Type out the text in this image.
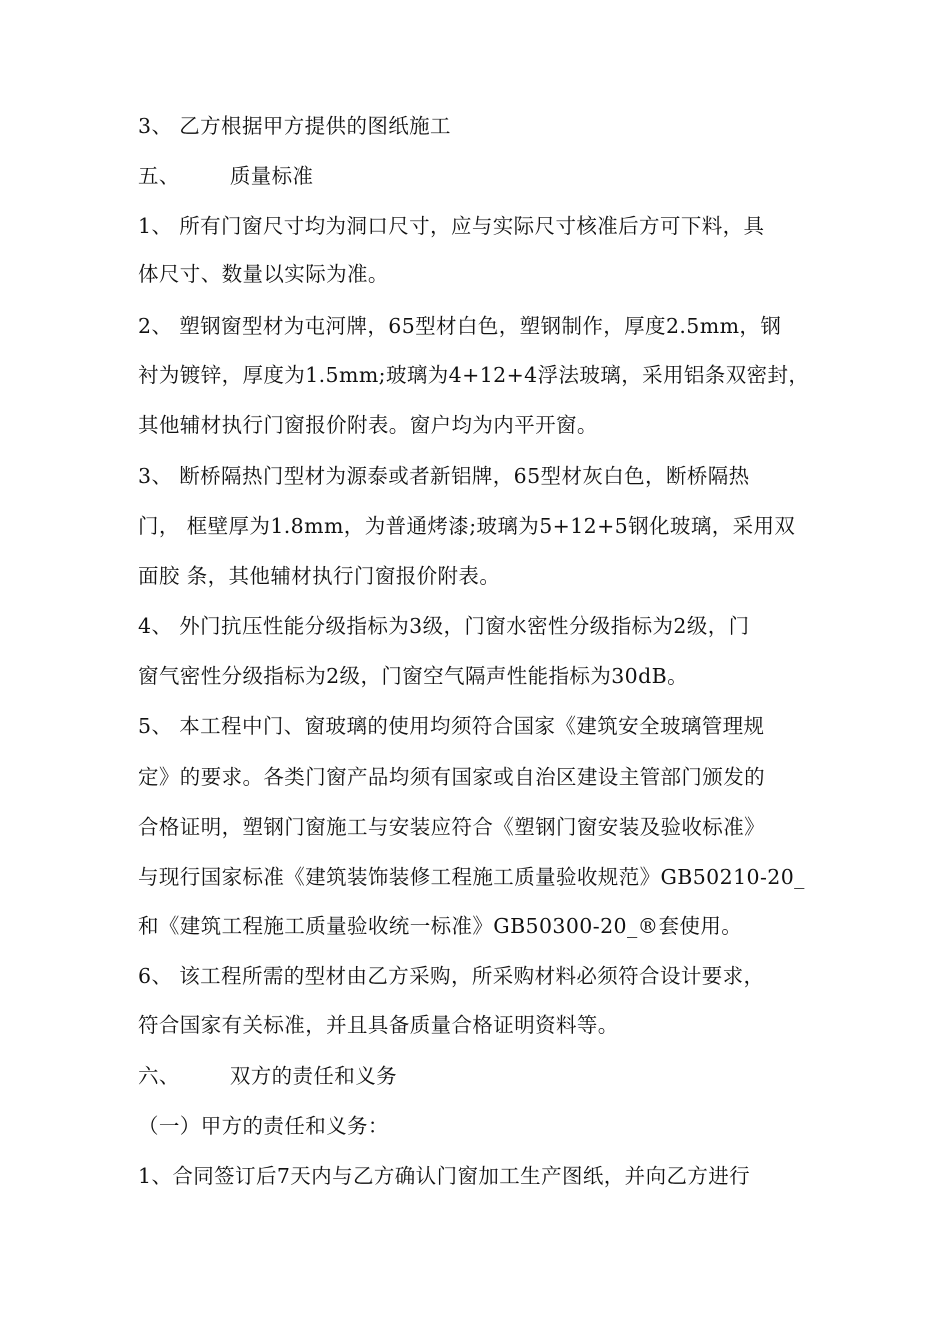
3、 乙方根据甲方提供的图纸施工
五、 质量标准
1、 所有门窗尺寸均为洞口尺寸，应与实际尺寸核准后方可下料，具
体尺寸、数量以实际为准。
2、 塑钢窗型材为屯河牌，65型材白色，塑钢制作，厚度2.5mm，钢
衬为镀锌，厚度为1.5mm;玻璃为4+12+4浮法玻璃，采用铝条双密封，
其他辅材执行门窗报价附表。窗户均为内平开窗。
3、 断桥隔热门型材为源泰或者新铝牌，65型材灰白色，断桥隔热
门， 框壁厚为1.8mm，为普通烤漆;玻璃为5+12+5钢化玻璃，采用双
面胶 条，其他辅材执行门窗报价附表。
4、 外门抗压性能分级指标为3级，门窗水密性分级指标为2级，门
窗气密性分级指标为2级，门窗空气隔声性能指标为30dB。
5、 本工程中门、窗玻璃的使用均须符合国家《建筑安全玻璃管理规
定》的要求。各类门窗产品均须有国家或自治区建设主管部门颁发的
合格证明，塑钢门窗施工与安装应符合《塑钢门窗安装及验收标准》
与现行国家标准《建筑装饰装修工程施工质量验收规范》GB50210-20_
和《建筑工程施工质量验收统一标准》GB50300-20_®套使用。
6、 该工程所需的型材由乙方采购，所采购材料必须符合设计要求，
符合国家有关标准，并且具备质量合格证明资料等。
六、 双方的责任和义务
（一）甲方的责任和义务：
1、合同签订后7天内与乙方确认门窗加工生产图纸，并向乙方进行
